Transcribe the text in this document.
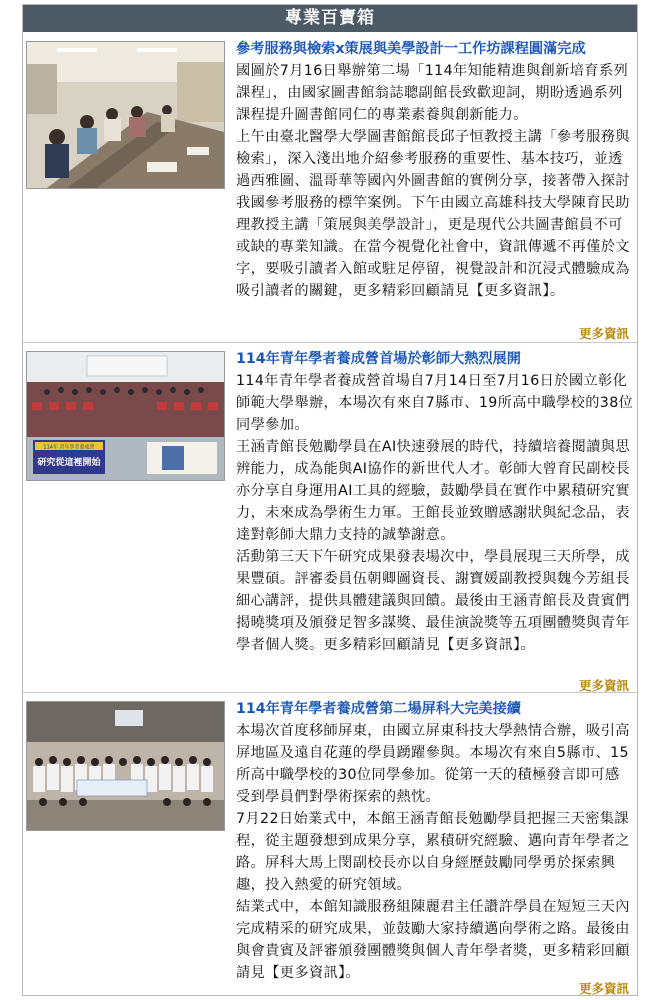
專業百寶箱
參考服務與檢索x策展與美學設計一工作坊課程圓滿完成

國圖於7月16日舉辦第二場「114年知能精進與創新培育系列課程」，由國家圖書館翁誌聰副館長致歡迎詞，期盼透過系列課程提升圖書館同仁的專業素養與創新能力。

上午由臺北醫學大學圖書館館長邱子恒教授主講「參考服務與檢索」，深入淺出地介紹參考服務的重要性、基本技巧，並透過西雅圖、溫哥華等國內外圖書館的實例分享，接著帶入探討我國參考服務的標竿案例。下午由國立高雄科技大學陳育民助理教授主講「策展與美學設計」，更是現代公共圖書館員不可或缺的專業知識。在當今視覺化社會中，資訊傳遞不再僅於文字，要吸引讀者入館或駐足停留，視覺設計和沉浸式體驗成為吸引讀者的關鍵，更多精彩回顧請見【更多資訊】。

更多資訊
114年 青年學者養成營
研究從這裡開始
114年青年學者養成營首場於彰師大熱烈展開

114年青年學者養成營首場自7月14日至7月16日於國立彰化師範大學舉辦，本場次有來自7縣市、19所高中職學校的38位同學參加。

王涵青館長勉勵學員在AI快速發展的時代，持續培養閱讀與思辨能力，成為能與AI協作的新世代人才。彰師大曾育民副校長亦分享自身運用AI工具的經驗，鼓勵學員在實作中累積研究實力，未來成為學術生力軍。王館長並致贈感謝狀與紀念品，表達對彰師大鼎力支持的誠摯謝意。

活動第三天下午研究成果發表場次中，學員展現三天所學，成果豐碩。評審委員伍朝卿圖資長、謝寶媛副教授與魏今芳組長細心講評，提供具體建議與回饋。最後由王涵青館長及貴賓們揭曉獎項及頒發足智多謀獎、最佳演說獎等五項團體獎與青年學者個人獎。更多精彩回顧請見【更多資訊】。

更多資訊
114年青年學者養成營第二場屏科大完美接續

本場次首度移師屏東，由國立屏東科技大學熱情合辦，吸引高屏地區及遠自花蓮的學員踴躍參與。本場次有來自5縣市、15所高中職學校的30位同學參加。從第一天的積極發言即可感受到學員們對學術探索的熱忱。

7月22日始業式中，本館王涵青館長勉勵學員把握三天密集課程，從主題發想到成果分享，累積研究經驗、邁向青年學者之路。屏科大馬上閔副校長亦以自身經歷鼓勵同學勇於探索興趣，投入熱愛的研究領域。

結業式中，本館知識服務組陳麗君主任讚許學員在短短三天內完成精采的研究成果，並鼓勵大家持續邁向學術之路。最後由與會貴賓及評審頒發團體獎與個人青年學者獎，更多精彩回顧請見【更多資訊】。

更多資訊
